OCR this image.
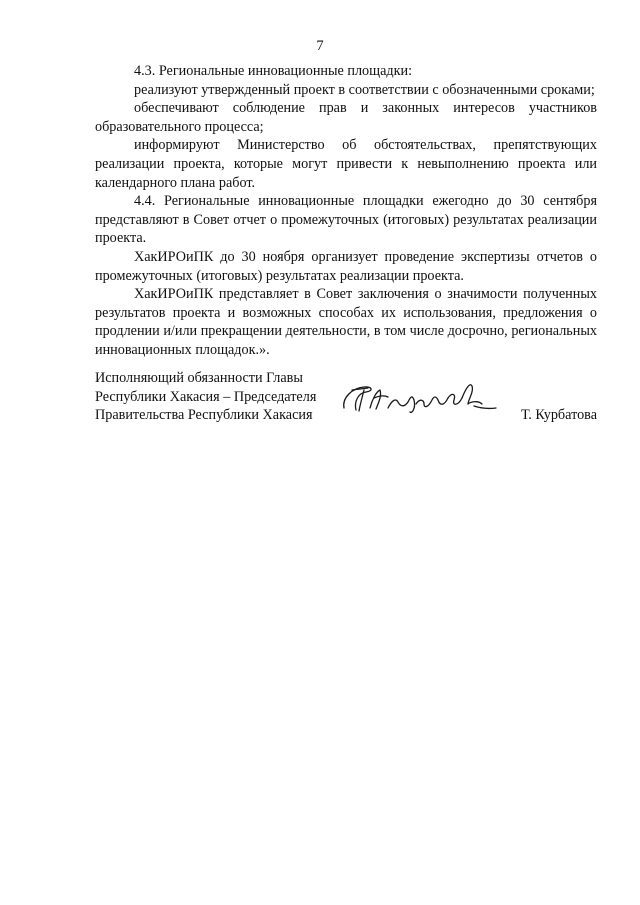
7

4.3. Региональные инновационные площадки:

реализуют утвержденный проект в соответствии с обозначенными сроками;

обеспечивают соблюдение прав и законных интересов участников образовательного процесса;

информируют Министерство об обстоятельствах, препятствующих реализации проекта, которые могут привести к невыполнению проекта или календарного плана работ.

4.4. Региональные инновационные площадки ежегодно до 30 сентября представляют в Совет отчет о промежуточных (итоговых) результатах реализации проекта.

ХакИРОиПК до 30 ноября организует проведение экспертизы отчетов о промежуточных (итоговых) результатах реализации проекта.

ХакИРОиПК представляет в Совет заключения о значимости полученных результатов проекта и возможных способах их использования, предложения о продлении и/или прекращении деятельности, в том числе досрочно, региональных инновационных площадок.».

Исполняющий обязанности Главы
Республики Хакасия – Председателя
Правительства Республики Хакасия	Т. Курбатова
